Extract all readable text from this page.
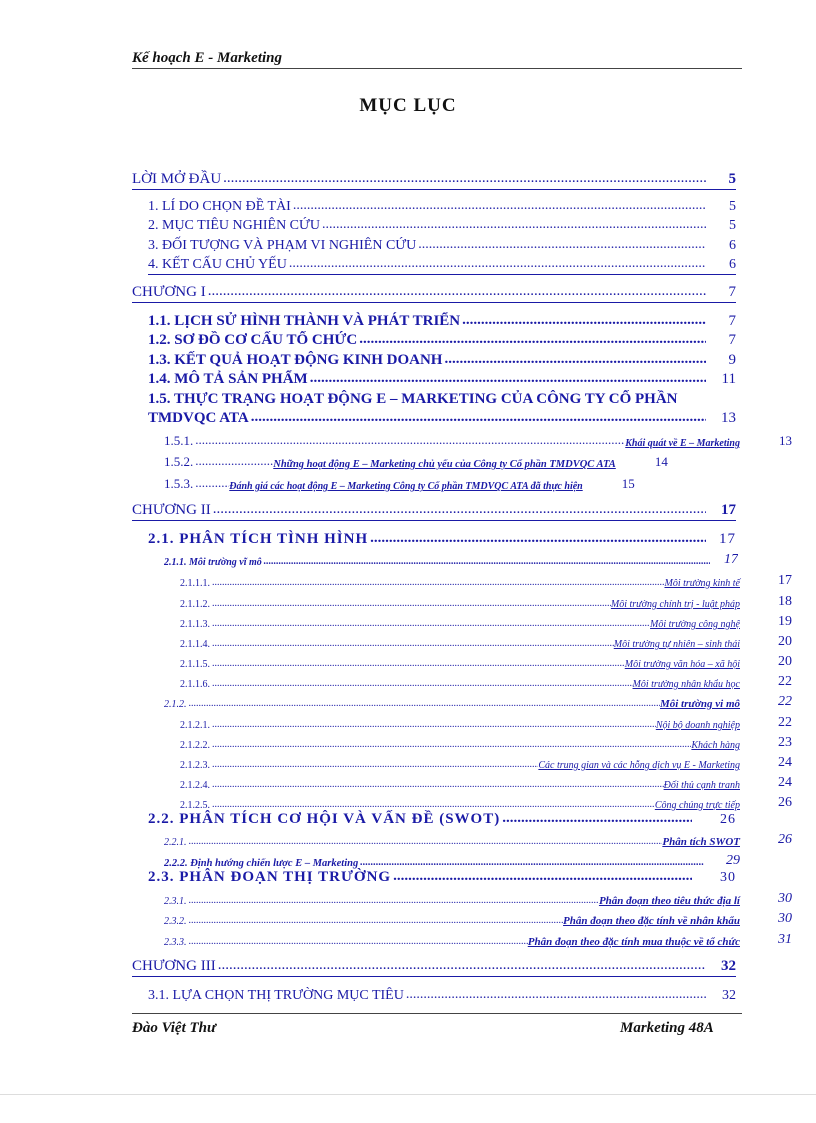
Kế hoạch E - Marketing
MỤC LỤC
LỜI MỞ ĐẦU .....	5
1. LÍ DO CHỌN ĐỀ TÀI .....	5
2. MỤC TIÊU NGHIÊN CỨU .....	5
3. ĐỐI TƯỢNG VÀ PHẠM VI NGHIÊN CỨU .....	6
4. KẾT CẤU CHỦ YẾU .....	6
CHƯƠNG I .....	7
1.1. LỊCH SỬ HÌNH THÀNH VÀ PHÁT TRIỂN .....	7
1.2. SƠ ĐỒ CƠ CẤU TỔ CHỨC .....	7
1.3. KẾT QUẢ HOẠT ĐỘNG KINH DOANH .....	9
1.4. MÔ TẢ SẢN PHẨM .....	11
1.5. THỰC TRẠNG HOẠT ĐỘNG E – MARKETING CỦA CÔNG TY CỔ PHẦN
TMDVQC ATA .....	13
1.5.1. .....	Khái quát về E – Marketing	13
1.5.2. .....	Những hoạt động E – Marketing chủ yếu của Công ty Cổ phần TMDVQC ATA	14
1.5.3. .....	Đánh giá các hoạt động E – Marketing Công ty Cổ phần TMDVQC ATA đã thực hiện	15
CHƯƠNG II .....	17
2.1. PHÂN TÍCH TÌNH HÌNH .....	17
2.1.1. Môi trường vĩ mô .....	17
2.1.1.1. .....	Môi trường kinh tế	17
2.1.1.2. .....	Môi trường chính trị - luật pháp	18
2.1.1.3. .....	Môi trường công nghệ	19
2.1.1.4. .....	Môi trường tự nhiên – sinh thái	20
2.1.1.5. .....	Môi trường văn hóa – xã hội	20
2.1.1.6. .....	Môi trường nhân khẩu học	22
2.1.2. .....	Môi trường vi mô	22
2.1.2.1. .....	Nội bộ doanh nghiệp	22
2.1.2.2. .....	Khách hàng	23
2.1.2.3. .....	Các trung gian và các hỗng dịch vụ E - Marketing	24
2.1.2.4. .....	Đối thủ cạnh tranh	24
2.1.2.5. .....	Công chúng trực tiếp	26
2.2. PHÂN TÍCH CƠ HỘI VÀ VẤN ĐỀ (SWOT) .....	26
2.2.1. .....	Phân tích SWOT	26
2.2.2. Định hướng chiến lược E – Marketing .....	29
2.3. PHÂN ĐOẠN THỊ TRƯỜNG .....	30
2.3.1. .....	Phân đoạn theo tiêu thức địa lí	30
2.3.2. .....	Phân đoạn theo đặc tính về nhân khẩu	30
2.3.3. .....	Phân đoạn theo đặc tính mua thuộc về tổ chức	31
CHƯƠNG III .....	32
3.1. LỰA CHỌN THỊ TRƯỜNG MỤC TIÊU .....	32
Đào Việt Thư	Marketing 48A
